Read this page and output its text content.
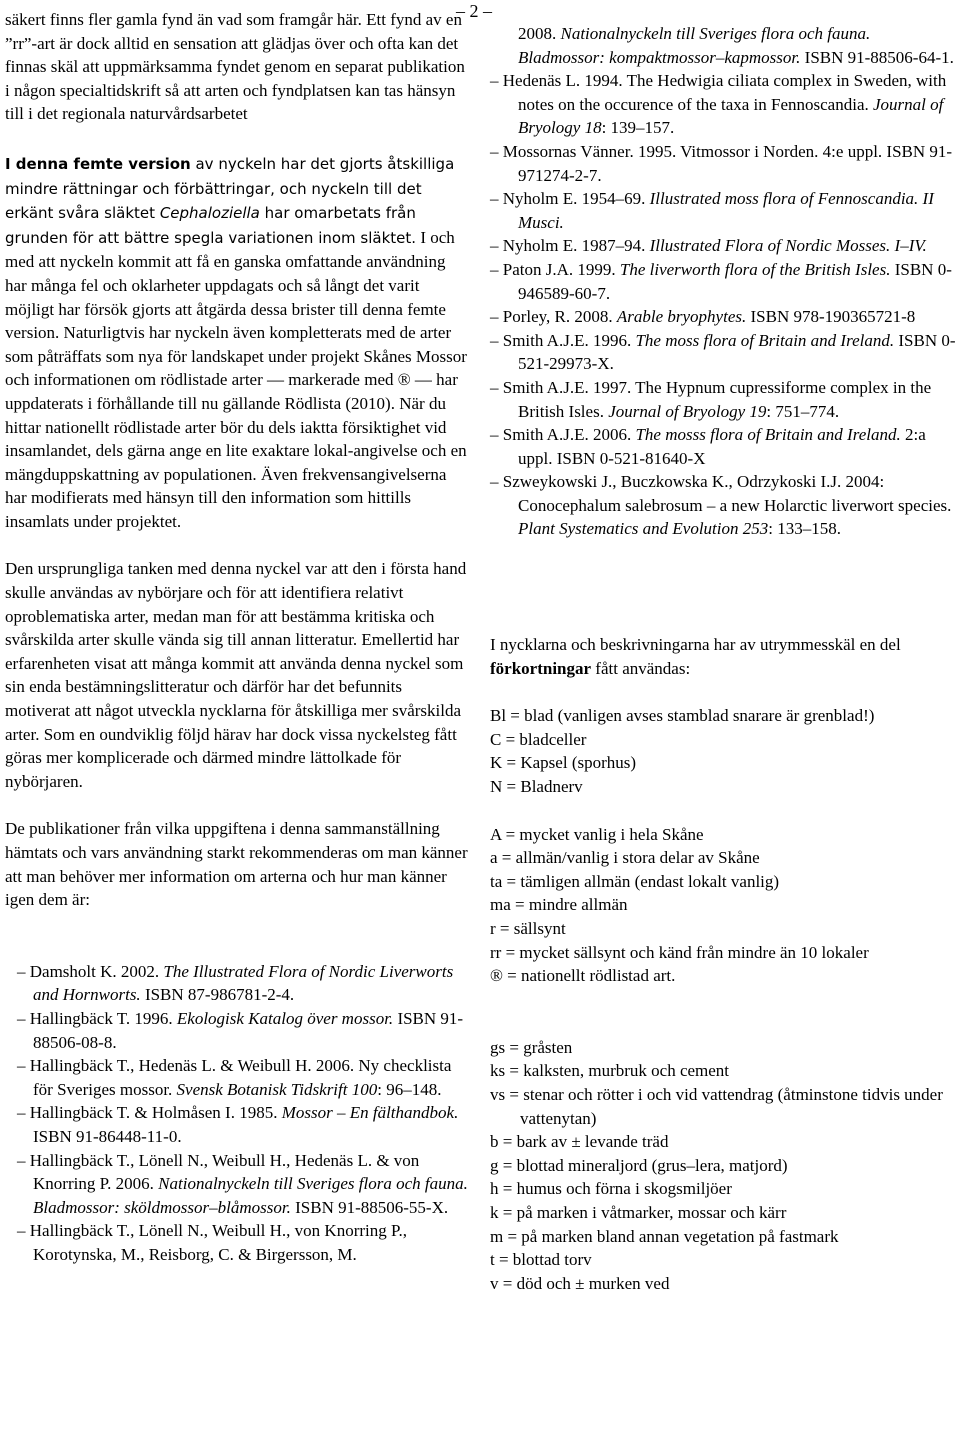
– 2 –

säkert finns fler gamla fynd än vad som framgår här. Ett fynd av en ”rr”-art är dock alltid en sensation att glädjas över och ofta kan det finnas skäl att uppmärksamma fyndet genom en separat publikation i någon specialtidskrift så att arten och fyndplatsen kan tas hänsyn till i det regionala naturvårdsarbetet

I denna femte version av nyckeln har det gjorts åtskilliga mindre rättningar och förbättringar, och nyckeln till det erkänt svåra släktet Cephaloziella har omarbetats från grunden för att bättre spegla variationen inom släktet. I och med att nyckeln kommit att få en ganska omfattande användning har många fel och oklarheter uppdagats och så långt det varit möjligt har försök gjorts att åtgärda dessa brister till denna femte version. Naturligtvis har nyckeln även kompletterats med de arter som påträffats som nya för landskapet under projekt Skånes Mossor och informationen om rödlistade arter — markerade med ® — har uppdaterats i förhållande till nu gällande Rödlista (2010). När du hittar nationellt rödlistade arter bör du dels iaktta försiktighet vid insamlandet, dels gärna ange en lite exaktare lokal-angivelse och en mängduppskattning av populationen. Även frekvensangivelserna har modifierats med hänsyn till den information som hittills insamlats under projektet.

Den ursprungliga tanken med denna nyckel var att den i första hand skulle användas av nybörjare och för att identifiera relativt oproblematiska arter, medan man för att bestämma kritiska och svårskilda arter skulle vända sig till annan litteratur. Emellertid har erfarenheten visat att många kommit att använda denna nyckel som sin enda bestämningslitteratur och därför har det befunnits motiverat att något utveckla nycklarna för åtskilliga mer svårskilda arter. Som en oundviklig följd härav har dock vissa nyckelsteg fått göras mer komplicerade och därmed mindre lättolkade för nybörjaren.

De publikationer från vilka uppgiftena i denna sammanställning hämtats och vars användning starkt rekommenderas om man känner att man behöver mer information om arterna och hur man känner igen dem är:

– Damsholt K. 2002. The Illustrated Flora of Nordic Liverworts and Hornworts. ISBN 87-986781-2-4.

– Hallingbäck T. 1996. Ekologisk Katalog över mossor. ISBN 91-88506-08-8.

– Hallingbäck T., Hedenäs L. & Weibull H. 2006. Ny checklista för Sveriges mossor. Svensk Botanisk Tidskrift 100: 96–148.

– Hallingbäck T. & Holmåsen I. 1985. Mossor – En fälthandbok. ISBN 91-86448-11-0.

– Hallingbäck T., Lönell N., Weibull H., Hedenäs L. & von Knorring P. 2006. Nationalnyckeln till Sveriges flora och fauna. Bladmossor: sköldmossor–blåmossor. ISBN 91-88506-55-X.

– Hallingbäck T., Lönell N., Weibull H., von Knorring P., Korotynska, M., Reisborg, C. & Birgersson, M.

2008. Nationalnyckeln till Sveriges flora och fauna. Bladmossor: kompaktmossor–kapmossor. ISBN 91-88506-64-1.

– Hedenäs L. 1994. The Hedwigia ciliata complex in Sweden, with notes on the occurence of the taxa in Fennoscandia. Journal of Bryology 18: 139–157.

– Mossornas Vänner. 1995. Vitmossor i Norden. 4:e uppl. ISBN 91-971274-2-7.

– Nyholm E. 1954–69. Illustrated moss flora of Fennoscandia. II Musci.

– Nyholm E. 1987–94. Illustrated Flora of Nordic Mosses. I–IV.

– Paton J.A. 1999. The liverworth flora of the British Isles. ISBN 0-946589-60-7.

– Porley, R. 2008. Arable bryophytes. ISBN 978-190365721-8

– Smith A.J.E. 1996. The moss flora of Britain and Ireland. ISBN 0-521-29973-X.

– Smith A.J.E. 1997. The Hypnum cupressiforme complex in the British Isles. Journal of Bryology 19: 751–774.

– Smith A.J.E. 2006. The mosss flora of Britain and Ireland. 2:a uppl. ISBN 0-521-81640-X

– Szweykowski J., Buczkowska K., Odrzykoski I.J. 2004: Conocephalum salebrosum – a new Holarctic liverwort species. Plant Systematics and Evolution 253: 133–158.

I nycklarna och beskrivningarna har av utrymmesskäl en del förkortningar fått användas:

Bl = blad (vanligen avses stamblad snarare är grenblad!)

C = bladceller

K = Kapsel (sporhus)

N = Bladnerv

A = mycket vanlig i hela Skåne

a = allmän/vanlig i stora delar av Skåne

ta = tämligen allmän (endast lokalt vanlig)

ma = mindre allmän

r = sällsynt

rr = mycket sällsynt och känd från mindre än 10 lokaler

® = nationellt rödlistad art.

gs = gråsten

ks = kalksten, murbruk och cement

vs = stenar och rötter i och vid vattendrag (åtminstone tidvis under vattenytan)

b = bark av ± levande träd

g = blottad mineraljord (grus–lera, matjord)

h = humus och förna i skogsmiljöer

k = på marken i våtmarker, mossar och kärr

m = på marken bland annan vegetation på fastmark

t = blottad torv

v = död och ± murken ved
